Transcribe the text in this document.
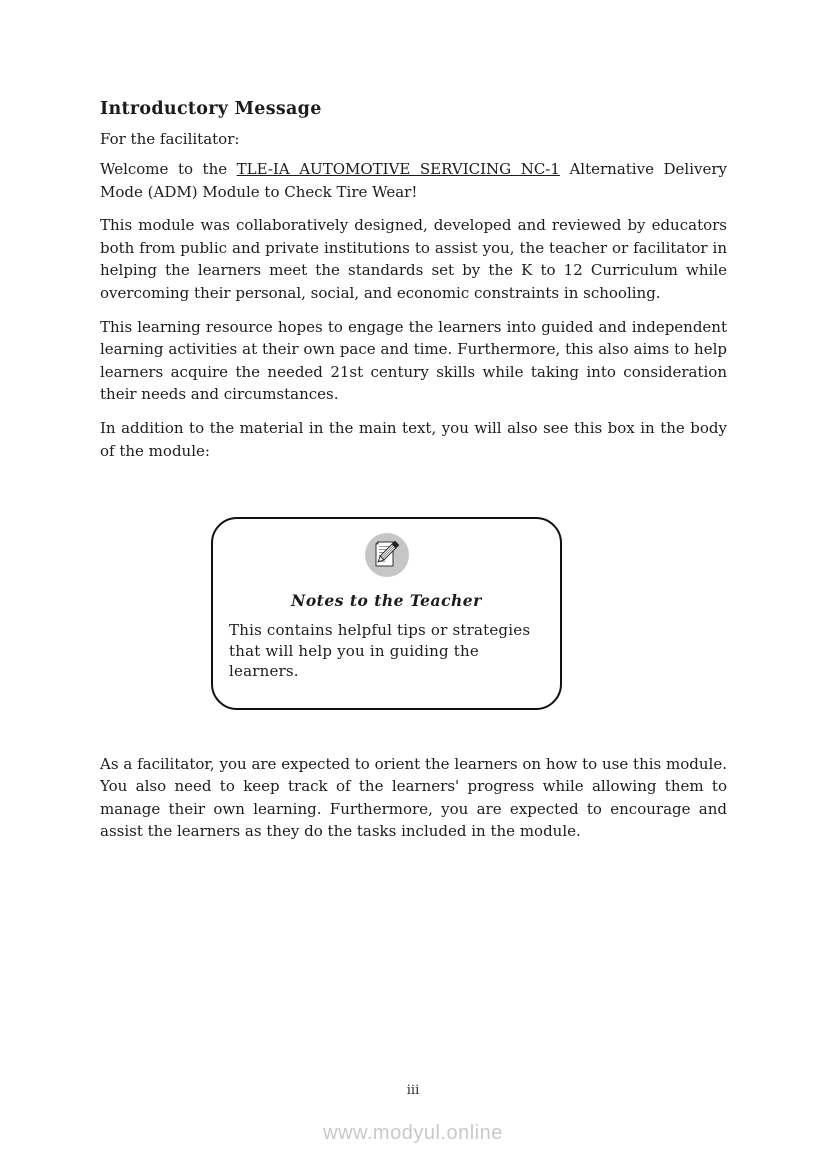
Introductory Message

For the facilitator:

Welcome to the TLE-IA AUTOMOTIVE SERVICING NC-1 Alternative Delivery Mode (ADM) Module to Check Tire Wear!

This module was collaboratively designed, developed and reviewed by educators both from public and private institutions to assist you, the teacher or facilitator in helping the learners meet the standards set by the K to 12 Curriculum while overcoming their personal, social, and economic constraints in schooling.

This learning resource hopes to engage the learners into guided and independent learning activities at their own pace and time. Furthermore, this also aims to help learners acquire the needed 21st century skills while taking into consideration their needs and circumstances.

In addition to the material in the main text, you will also see this box in the body of the module:

Notes to the Teacher
This contains helpful tips or strategies that will help you in guiding the learners.

As a facilitator, you are expected to orient the learners on how to use this module. You also need to keep track of the learners' progress while allowing them to manage their own learning. Furthermore, you are expected to encourage and assist the learners as they do the tasks included in the module.

iii
www.modyul.online
